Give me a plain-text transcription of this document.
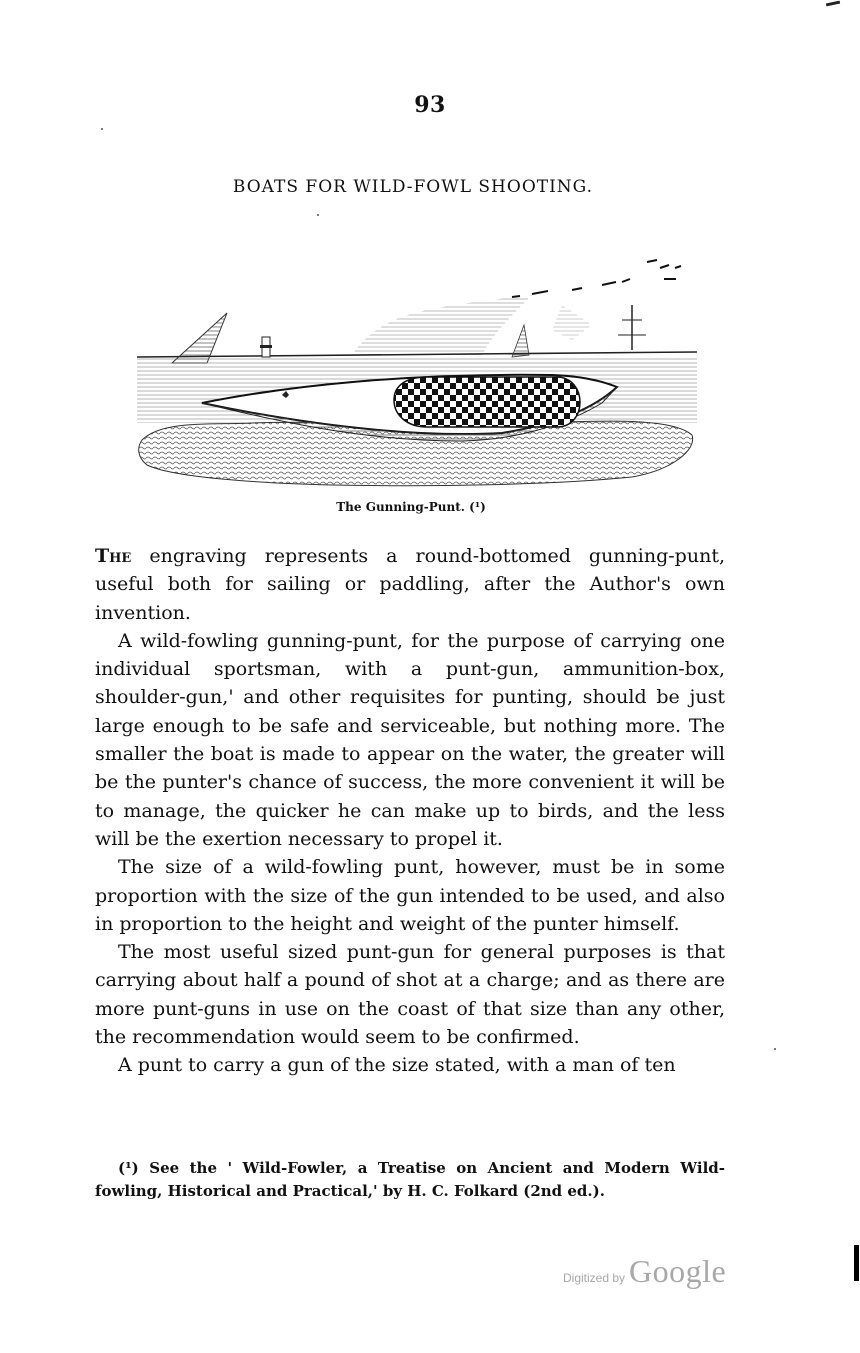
93
BOATS FOR WILD-FOWL SHOOTING.
The Gunning-Punt. (¹)

The engraving represents a round-bottomed gunning-punt, useful both for sailing or paddling, after the Author's own invention.

A wild-fowling gunning-punt, for the purpose of carrying one individual sportsman, with a punt-gun, ammunition-box, shoulder-gun,' and other requisites for punting, should be just large enough to be safe and serviceable, but nothing more. The smaller the boat is made to appear on the water, the greater will be the punter's chance of success, the more convenient it will be to manage, the quicker he can make up to birds, and the less will be the exertion necessary to propel it.

The size of a wild-fowling punt, however, must be in some proportion with the size of the gun intended to be used, and also in proportion to the height and weight of the punter himself.

The most useful sized punt-gun for general purposes is that carrying about half a pound of shot at a charge; and as there are more punt-guns in use on the coast of that size than any other, the recommendation would seem to be confirmed.

A punt to carry a gun of the size stated, with a man of ten

(¹) See the ' Wild-Fowler, a Treatise on Ancient and Modern Wild-fowling, Historical and Practical,' by H. C. Folkard (2nd ed.).

Digitized by Google
